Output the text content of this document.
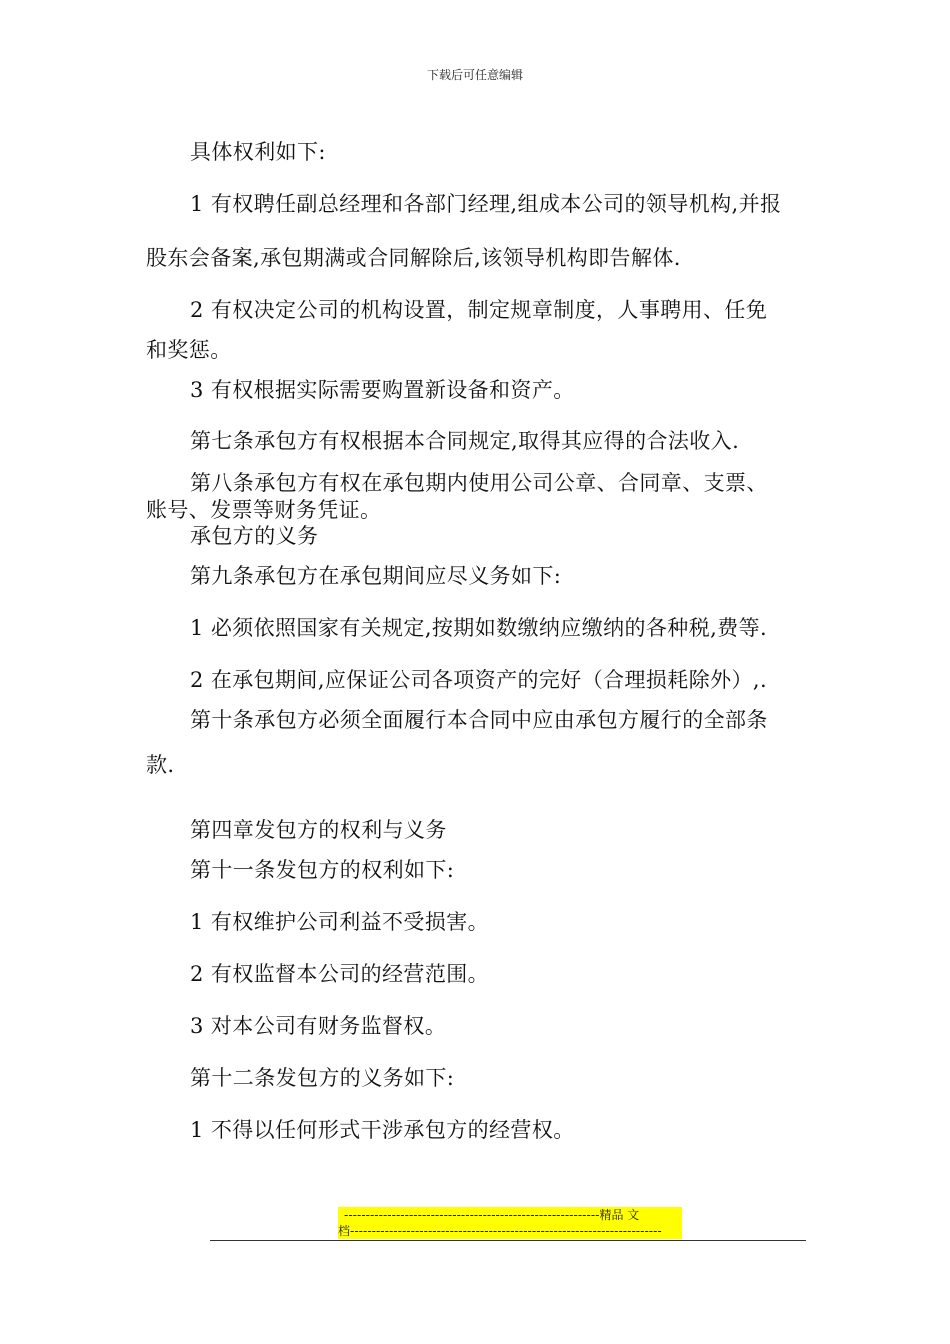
下载后可任意编辑
具体权利如下:
1 有权聘任副总经理和各部门经理,组成本公司的领导机构,并报
股东会备案,承包期满或合同解除后,该领导机构即告解体.
2 有权决定公司的机构设置，制定规章制度，人事聘用、任免
和奖惩。
3 有权根据实际需要购置新设备和资产。
第七条承包方有权根据本合同规定,取得其应得的合法收入.
第八条承包方有权在承包期内使用公司公章、合同章、支票、
账号、发票等财务凭证。
承包方的义务
第九条承包方在承包期间应尽义务如下:
1 必须依照国家有关规定,按期如数缴纳应缴纳的各种税,费等.
2 在承包期间,应保证公司各项资产的完好（合理损耗除外）,.
第十条承包方必须全面履行本合同中应由承包方履行的全部条
款.
第四章发包方的权利与义务
第十一条发包方的权利如下:
1 有权维护公司利益不受损害。
2 有权监督本公司的经营范围。
3 对本公司有财务监督权。
第十二条发包方的义务如下:
1 不得以任何形式干涉承包方的经营权。
-----------------------------------------------------------精品 文
档------------------------------------------------------------------------
